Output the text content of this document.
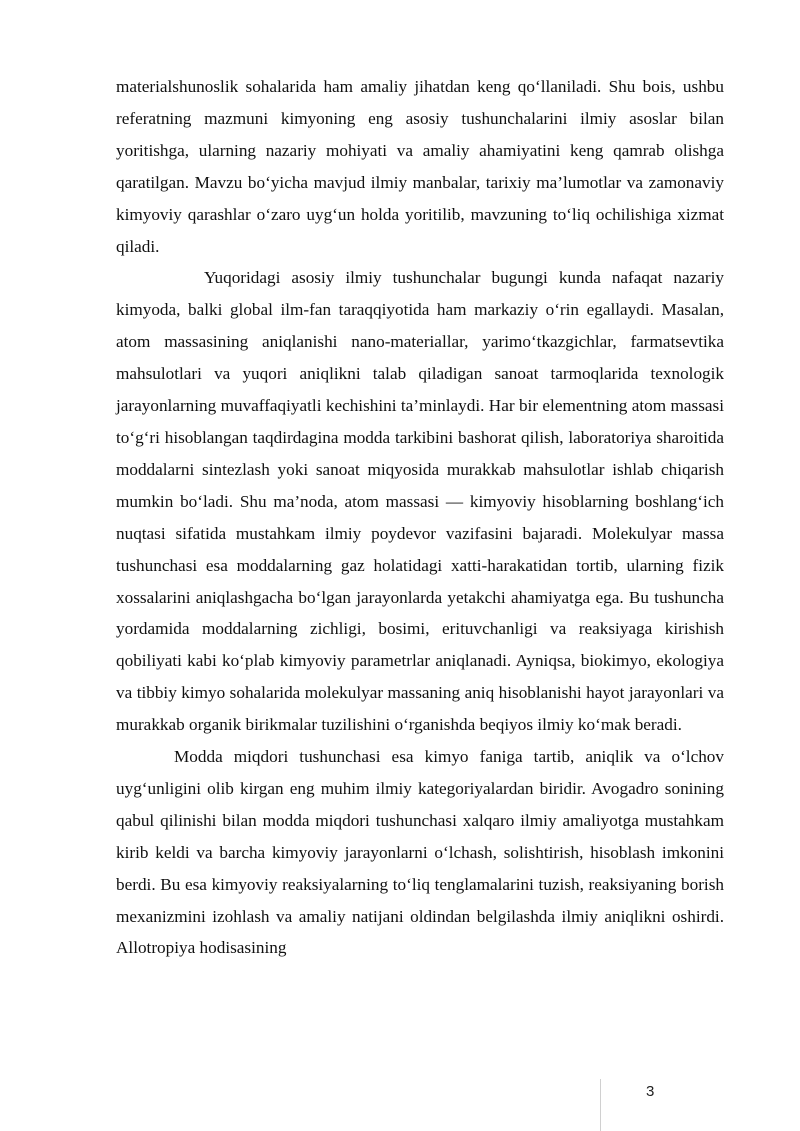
materialshunoslik sohalarida ham amaliy jihatdan keng qo‘llaniladi. Shu bois, ushbu referatning mazmuni kimyoning eng asosiy tushunchalarini ilmiy asoslar bilan yoritishga, ularning nazariy mohiyati va amaliy ahamiyatini keng qamrab olishga qaratilgan. Mavzu bo‘yicha mavjud ilmiy manbalar, tarixiy ma’lumotlar va zamonaviy kimyoviy qarashlar o‘zaro uyg‘un holda yoritilib, mavzuning to‘liq ochilishiga xizmat qiladi.

Yuqoridagi asosiy ilmiy tushunchalar bugungi kunda nafaqat nazariy kimyoda, balki global ilm-fan taraqqiyotida ham markaziy o‘rin egallaydi. Masalan, atom massasining aniqlanishi nano-materiallar, yarimo‘tkazgichlar, farmatsevtika mahsulotlari va yuqori aniqlikni talab qiladigan sanoat tarmoqlarida texnologik jarayonlarning muvaffaqiyatli kechishini ta’minlaydi. Har bir elementning atom massasi to‘g‘ri hisoblangan taqdirdagina modda tarkibini bashorat qilish, laboratoriya sharoitida moddalarni sintezlash yoki sanoat miqyosida murakkab mahsulotlar ishlab chiqarish mumkin bo‘ladi. Shu ma’noda, atom massasi — kimyoviy hisoblarning boshlang‘ich nuqtasi sifatida mustahkam ilmiy poydevor vazifasini bajaradi. Molekulyar massa tushunchasi esa moddalarning gaz holatidagi xatti-harakatidan tortib, ularning fizik xossalarini aniqlashgacha bo‘lgan jarayonlarda yetakchi ahamiyatga ega. Bu tushuncha yordamida moddalarning zichligi, bosimi, erituvchanligi va reaksiyaga kirishish qobiliyati kabi ko‘plab kimyoviy parametrlar aniqlanadi. Ayniqsa, biokimyo, ekologiya va tibbiy kimyo sohalarida molekulyar massaning aniq hisoblanishi hayot jarayonlari va murakkab organik birikmalar tuzilishini o‘rganishda beqiyos ilmiy ko‘mak beradi.

Modda miqdori tushunchasi esa kimyo faniga tartib, aniqlik va o‘lchov uyg‘unligini olib kirgan eng muhim ilmiy kategoriyalardan biridir. Avogadro sonining qabul qilinishi bilan modda miqdori tushunchasi xalqaro ilmiy amaliyotga mustahkam kirib keldi va barcha kimyoviy jarayonlarni o‘lchash, solishtirish, hisoblash imkonini berdi. Bu esa kimyoviy reaksiyalarning to‘liq tenglamalarini tuzish, reaksiyaning borish mexanizmini izohlash va amaliy natijani oldindan belgilashda ilmiy aniqlikni oshirdi. Allotropiya hodisasining

3
